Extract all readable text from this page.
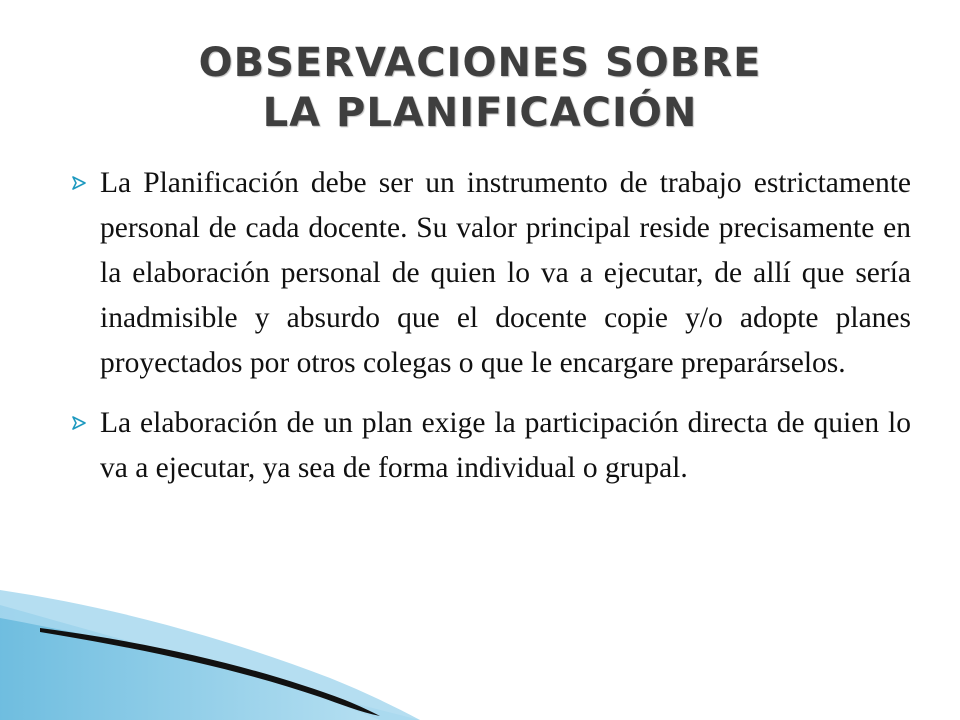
OBSERVACIONES SOBRE
LA PLANIFICACIÓN
La Planificación debe ser un instrumento de trabajo estrictamente personal de cada docente. Su valor principal reside precisamente en la elaboración personal de quien lo va a ejecutar, de allí que sería inadmisible y absurdo que el docente copie y/o adopte planes proyectados por otros colegas o que le encargare preparárselos.
La elaboración de un plan exige la participación directa de quien lo va a ejecutar, ya sea de forma individual o grupal.
